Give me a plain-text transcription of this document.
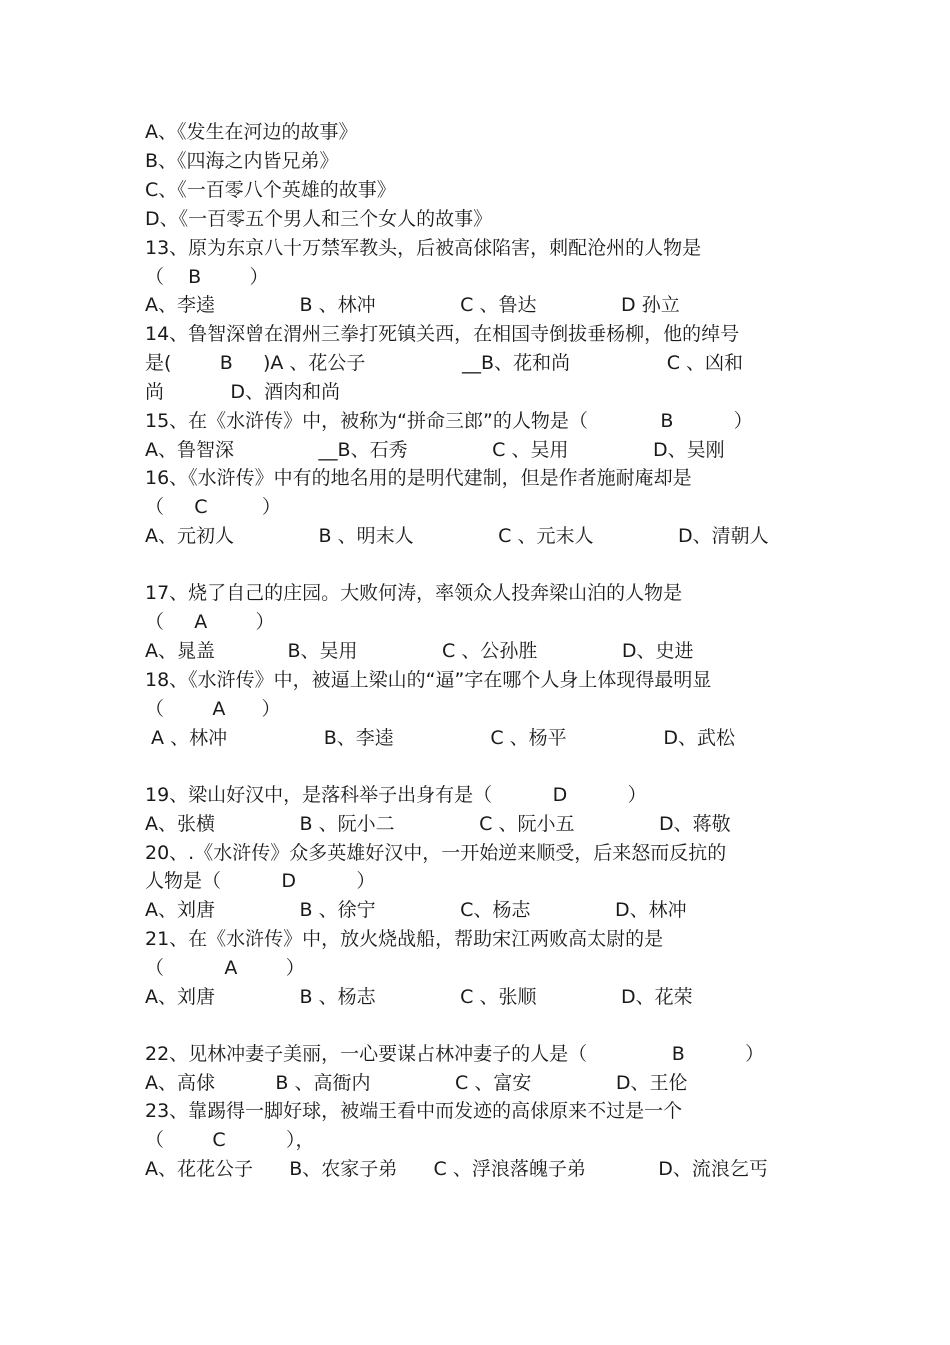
A、《发生在河边的故事》
B、《四海之内皆兄弟》
C、《一百零八个英雄的故事》
D、《一百零五个男人和三个女人的故事》
13、原为东京八十万禁军教头，后被高俅陷害，刺配沧州的人物是
（    B        ）
A、李逵              B 、林冲              C 、鲁达              D 孙立
14、鲁智深曾在渭州三拳打死镇关西，在相国寺倒拔垂杨柳，他的绰号
是(        B     )A 、花公子                __B、花和尚                C 、凶和
尚           D、酒肉和尚
15、在《水浒传》中，被称为“拼命三郎”的人物是（            B          ）
A、鲁智深              __B、石秀              C 、吴用              D、吴刚
16、《水浒传》中有的地名用的是明代建制，但是作者施耐庵却是
（     C         ）
A、元初人              B 、明末人              C 、元末人              D、清朝人
17、烧了自己的庄园。大败何涛，率领众人投奔梁山泊的人物是
（     A        ）
A、晁盖            B、吴用              C 、公孙胜              D、史进
18、《水浒传》中，被逼上梁山的“逼”字在哪个人身上体现得最明显
（        A      ）
A 、林冲                B、李逵                C 、杨平                D、武松
19、梁山好汉中，是落科举子出身有是（          D          ）
A、张横              B 、阮小二              C 、阮小五              D、蒋敬
20、.《水浒传》众多英雄好汉中，一开始逆来顺受，后来怒而反抗的
人物是（          D          ）
A、刘唐              B 、徐宁              C、杨志              D、林冲
21、在《水浒传》中，放火烧战船，帮助宋江两败高太尉的是
（          A        ）
A、刘唐              B 、杨志              C 、张顺              D、花荣
22、见林冲妻子美丽，一心要谋占林冲妻子的人是（              B          ）
A、高俅          B 、高衙内              C 、富安              D、王伦
23、靠踢得一脚好球，被端王看中而发迹的高俅原来不过是一个
（        C          ），
A、花花公子      B、农家子弟      C 、浮浪落魄子弟            D、流浪乞丐
